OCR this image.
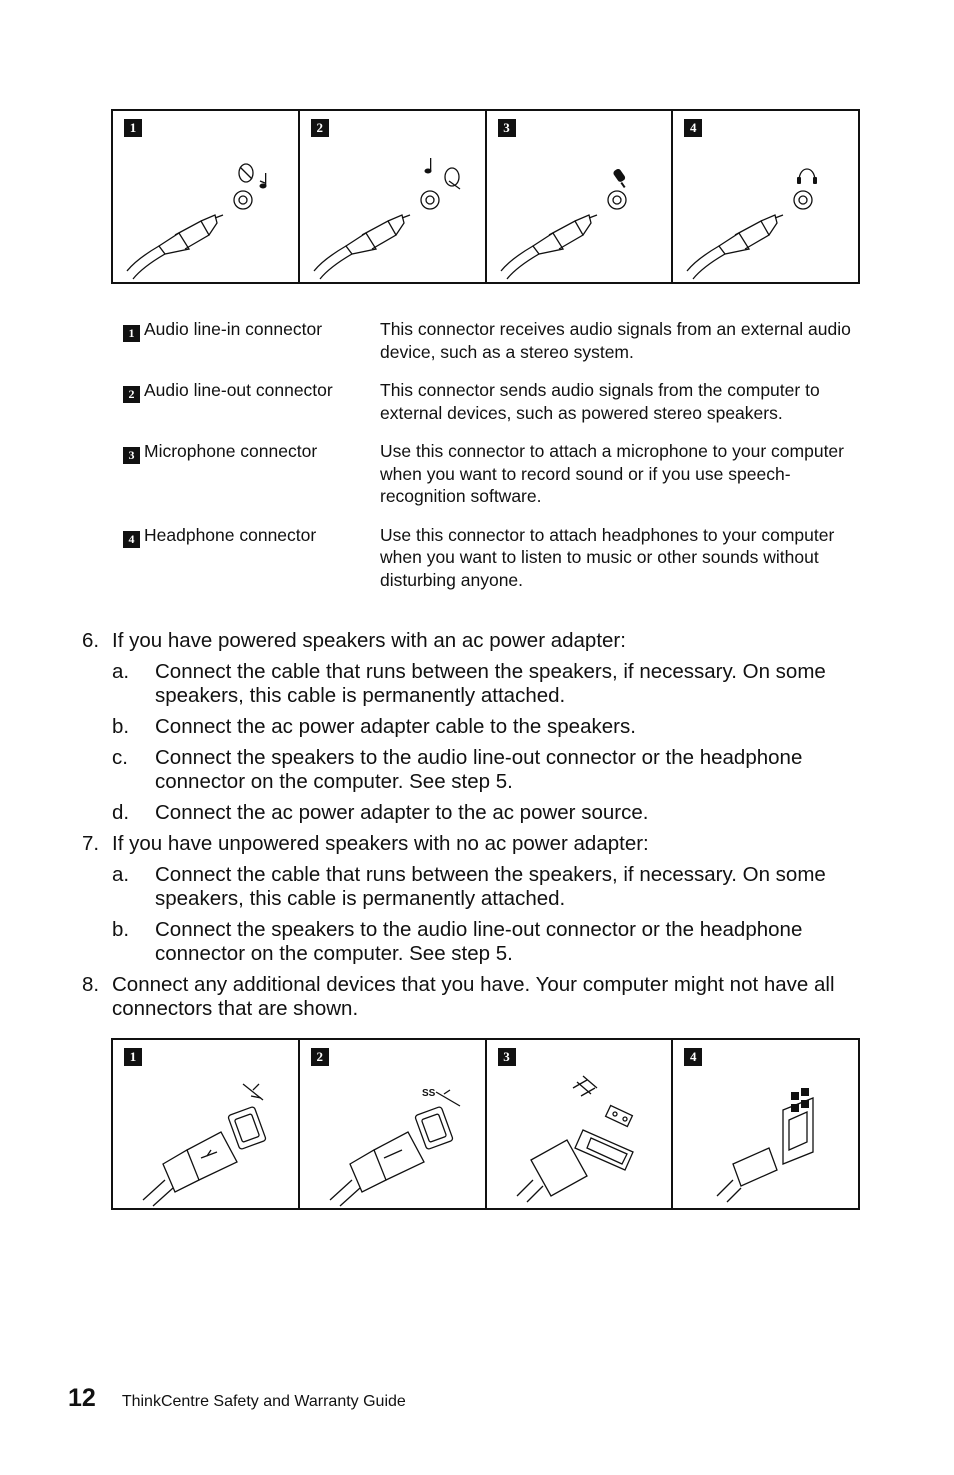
1	2	3	4
1 Audio line-in connector	This connector receives audio signals from an external audio device, such as a stereo system.
2 Audio line-out connector	This connector sends audio signals from the computer to external devices, such as powered stereo speakers.
3 Microphone connector	Use this connector to attach a microphone to your computer when you want to record sound or if you use speech-recognition software.
4 Headphone connector	Use this connector to attach headphones to your computer when you want to listen to music or other sounds without disturbing anyone.
6. If you have powered speakers with an ac power adapter:
a.	Connect the cable that runs between the speakers, if necessary. On some speakers, this cable is permanently attached.
b.	Connect the ac power adapter cable to the speakers.
c.	Connect the speakers to the audio line-out connector or the headphone connector on the computer. See step 5.
d.	Connect the ac power adapter to the ac power source.
7. If you have unpowered speakers with no ac power adapter:
a.	Connect the cable that runs between the speakers, if necessary. On some speakers, this cable is permanently attached.
b.	Connect the speakers to the audio line-out connector or the headphone connector on the computer. See step 5.
8. Connect any additional devices that you have. Your computer might not have all connectors that are shown.
1	2
SS
3	4
12 ThinkCentre Safety and Warranty Guide
